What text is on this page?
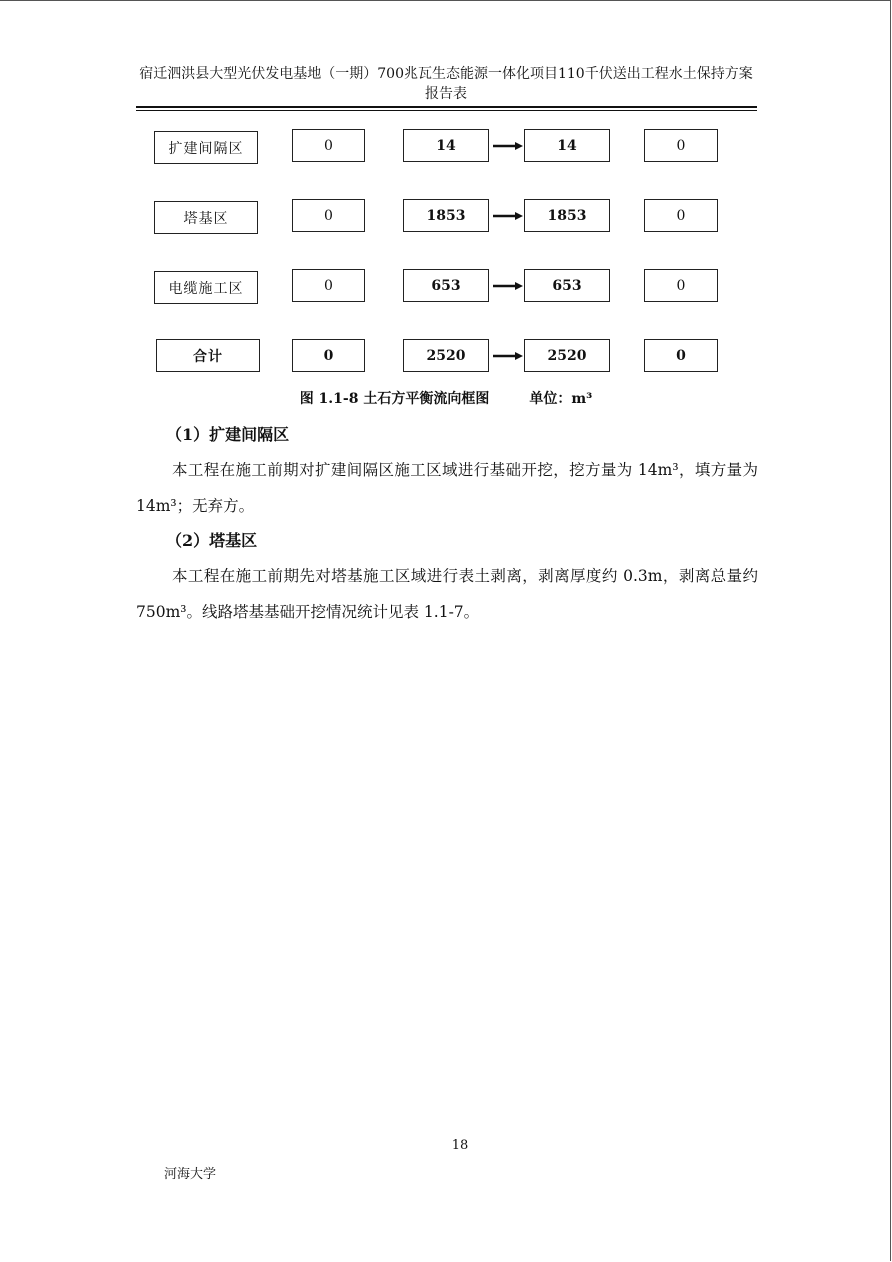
宿迁泗洪县大型光伏发电基地（一期）700兆瓦生态能源一体化项目110千伏送出工程水土保持方案报告表
扩建间隔区	0	14	14	0
塔基区	0	1853	1853	0
电缆施工区	0	653	653	0
合计	0	2520	2520	0
图 1.1-8 土石方平衡流向框图	单位：m³
（1）扩建间隔区

本工程在施工前期对扩建间隔区施工区域进行基础开挖，挖方量为 14m³，填方量为 14m³；无弃方。

（2）塔基区

本工程在施工前期先对塔基施工区域进行表土剥离，剥离厚度约 0.3m，剥离总量约 750m³。线路塔基基础开挖情况统计见表 1.1-7。

18
河海大学
